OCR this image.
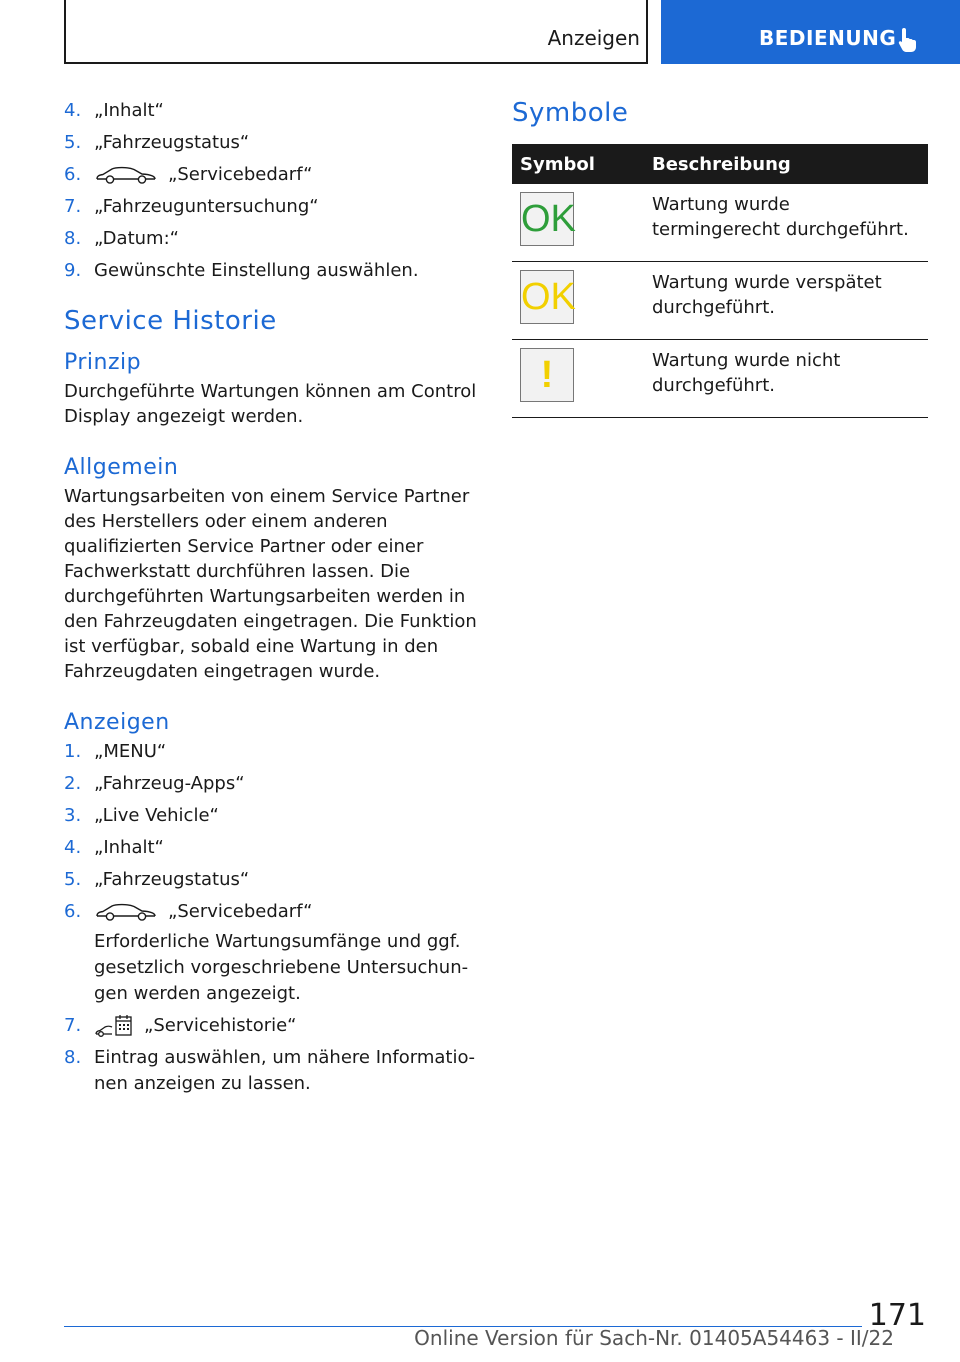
Anzeigen	BEDIENUNG
4. „Inhalt“
5. „Fahrzeugstatus“
6.	„Servicebedarf“
7. „Fahrzeuguntersuchung“
8. „Datum:“
9. Gewünschte Einstellung auswählen.
Service Historie
Prinzip

Durchgeführte Wartungen können am Control Display angezeigt werden.

Allgemein

Wartungsarbeiten von einem Service Partner des Herstellers oder einem anderen qualifizierten Service Partner oder einer Fachwerkstatt durchführen lassen. Die durchgeführten Wartungsarbeiten werden in den Fahrzeugdaten eingetragen. Die Funktion ist verfügbar, sobald eine Wartung in den Fahrzeugdaten eingetragen wurde.

Anzeigen
1. „MENU“
2. „Fahrzeug-Apps“
3. „Live Vehicle“
4. „Inhalt“
5. „Fahrzeugstatus“
6.	„Servicebedarf“
Erforderliche Wartungsumfänge und ggf. gesetzlich vorgeschriebene Untersuchungen werden angezeigt.
7.	„Servicehistorie“
8. Eintrag auswählen, um nähere Informationen anzeigen zu lassen.
Symbole
Symbol	Beschreibung

OK	Wartung wurde termingerecht durchgeführt.

OK	Wartung wurde verspätet durchgeführt.

!	Wartung wurde nicht durchgeführt.
171
Online Version für Sach-Nr. 01405A54463 - II/22
